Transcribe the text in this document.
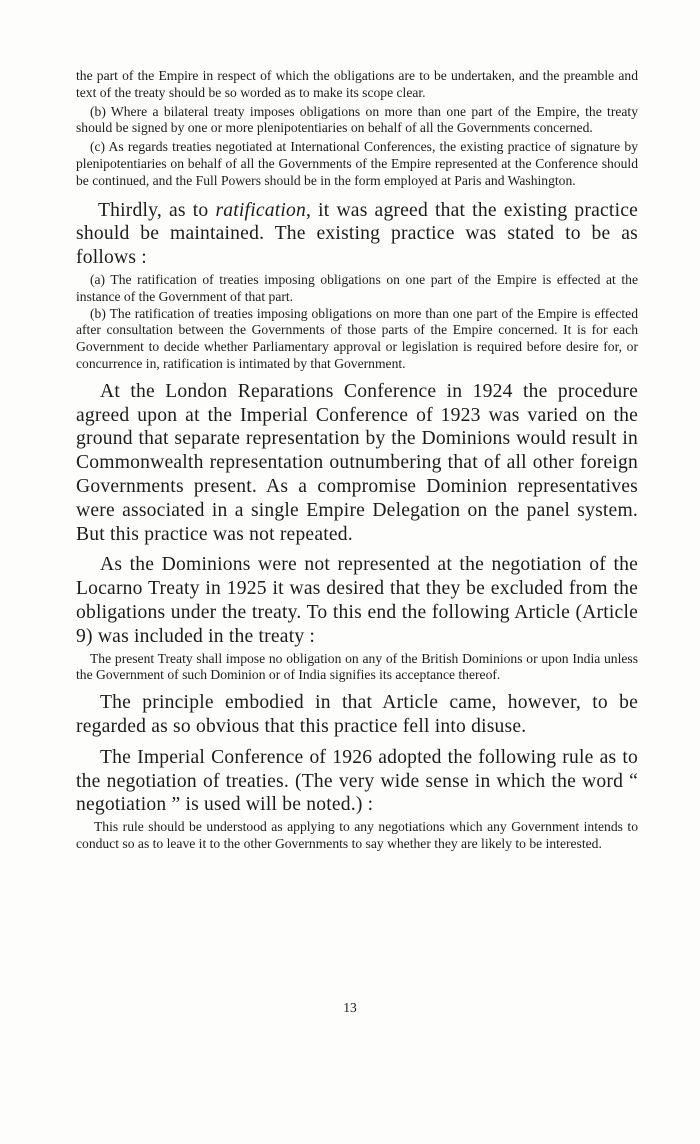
the part of the Empire in respect of which the obligations are to be undertaken, and the preamble and text of the treaty should be so worded as to make its scope clear.

(b) Where a bilateral treaty imposes obligations on more than one part of the Empire, the treaty should be signed by one or more plenipotentiaries on behalf of all the Governments concerned.

(c) As regards treaties negotiated at International Conferences, the existing practice of signature by plenipotentiaries on behalf of all the Governments of the Empire represented at the Conference should be continued, and the Full Powers should be in the form employed at Paris and Washington.

Thirdly, as to ratification, it was agreed that the existing practice should be maintained. The existing practice was stated to be as follows :

(a) The ratification of treaties imposing obligations on one part of the Empire is effected at the instance of the Government of that part.

(b) The ratification of treaties imposing obligations on more than one part of the Empire is effected after consultation between the Governments of those parts of the Empire concerned. It is for each Government to decide whether Parliamentary approval or legislation is required before desire for, or concurrence in, ratification is intimated by that Government.

At the London Reparations Conference in 1924 the procedure agreed upon at the Imperial Conference of 1923 was varied on the ground that separate representation by the Dominions would result in Commonwealth representation outnumbering that of all other foreign Governments present. As a compromise Dominion representatives were associated in a single Empire Delegation on the panel system. But this practice was not repeated.

As the Dominions were not represented at the negotiation of the Locarno Treaty in 1925 it was desired that they be excluded from the obligations under the treaty. To this end the following Article (Article 9) was included in the treaty :

The present Treaty shall impose no obligation on any of the British Dominions or upon India unless the Government of such Dominion or of India signifies its acceptance thereof.

The principle embodied in that Article came, however, to be regarded as so obvious that this practice fell into disuse.

The Imperial Conference of 1926 adopted the following rule as to the negotiation of treaties. (The very wide sense in which the word “ negotiation ” is used will be noted.) :

This rule should be understood as applying to any negotiations which any Government intends to conduct so as to leave it to the other Governments to say whether they are likely to be interested.

13
